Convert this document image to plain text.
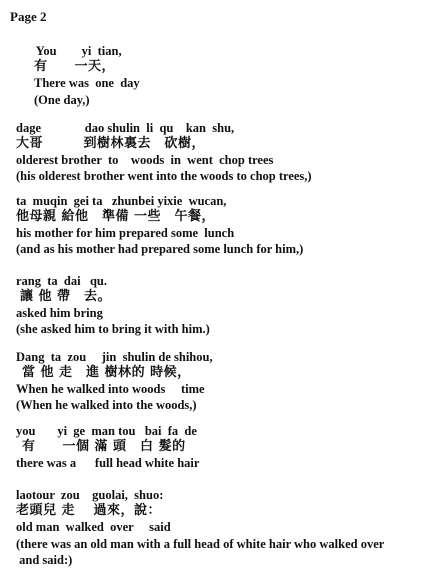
Page 2
You        yi  tian,
有　　一天，
There was  one  day
(One day,)
dage              dao shulin  li  qu    kan  shu,
大哥　　　到樹林裏去　砍樹，
olderest brother  to    woods  in  went  chop trees
(his olderest brother went into the woods to chop trees,)
ta  muqin  gei ta   zhunbei yixie  wucan,
他母親 給他　準備 一些　午餐，
his mother for him prepared some  lunch
(and as his mother had prepared some lunch for him,)
rang  ta  dai   qu.
讓 他 帶　去。
asked him bring
(she asked him to bring it with him.)
Dang  ta  zou     jin  shulin de shihou,
當 他 走　進 樹林的 時候，
When he walked into woods     time
(When he walked into the woods,)
you       yi  ge  man tou   bai  fa  de
有　　一個 滿 頭　白 髮的
there was a      full head white hair
laotour  zou    guolai,  shuo:
老頭兒 走　 過來，說：
old man  walked  over     said
(there was an old man with a full head of white hair who walked over
and said:)
